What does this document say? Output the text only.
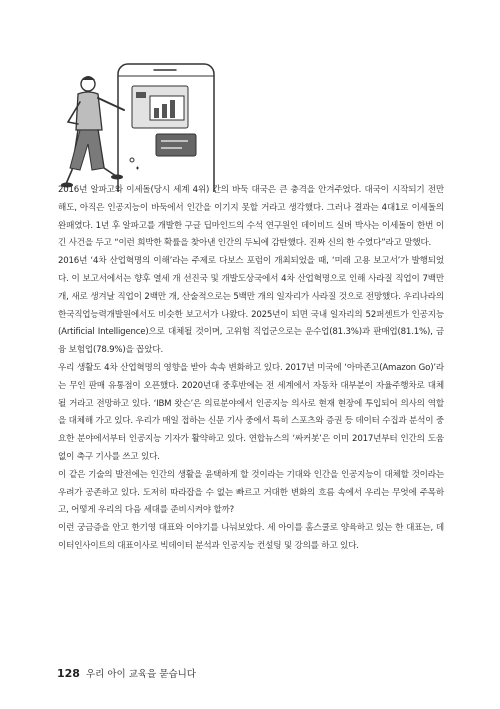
2016년 알파고와 이세돌(당시 세계 4위) 간의 바둑 대국은 큰 충격을 안겨주었다. 대국이 시작되기 전만 해도, 아직은 인공지능이 바둑에서 인간을 이기지 못할 거라고 생각했다. 그러나 결과는 4대1로 이세돌의 완패였다. 1년 후 알파고를 개발한 구글 딥마인드의 수석 연구원인 데이비드 실버 박사는 이세돌이 한번 이긴 사건을 두고 “이런 희박한 확률을 찾아낸 인간의 두뇌에 감탄했다. 진짜 신의 한 수였다”라고 말했다.

2016년 ‘4차 산업혁명의 이해’라는 주제로 다보스 포럼이 개최되었을 때, ‘미래 고용 보고서’가 발행되었다. 이 보고서에서는 향후 열세 개 선진국 및 개발도상국에서 4차 산업혁명으로 인해 사라질 직업이 7백만 개, 새로 생겨날 직업이 2백만 개, 산술적으로는 5백만 개의 일자리가 사라질 것으로 전망했다. 우리나라의 한국직업능력개발원에서도 비슷한 보고서가 나왔다. 2025년이 되면 국내 일자리의 52퍼센트가 인공지능(Artificial Intelligence)으로 대체될 것이며, 고위험 직업군으로는 운수업(81.3%)과 판매업(81.1%), 금융 보험업(78.9%)을 꼽았다.

우리 생활도 4차 산업혁명의 영향을 받아 속속 변화하고 있다. 2017년 미국에 ‘아마존고(Amazon Go)’라는 무인 판매 유통점이 오픈했다. 2020년대 중후반에는 전 세계에서 자동차 대부분이 자율주행차로 대체될 거라고 전망하고 있다. ‘IBM 왓슨’은 의료분야에서 인공지능 의사로 현재 현장에 투입되어 의사의 역할을 대체해 가고 있다. 우리가 매일 접하는 신문 기사 중에서 특히 스포츠와 증권 등 데이터 수집과 분석이 중요한 분야에서부터 인공지능 기자가 활약하고 있다. 연합뉴스의 ‘싸커봇’은 이미 2017년부터 인간의 도움 없이 축구 기사를 쓰고 있다.

이 같은 기술의 발전에는 인간의 생활을 윤택하게 할 것이라는 기대와 인간을 인공지능이 대체할 것이라는 우려가 공존하고 있다. 도저히 따라잡을 수 없는 빠르고 거대한 변화의 흐름 속에서 우리는 무엇에 주목하고, 어떻게 우리의 다음 세대를 준비시켜야 할까?

이런 궁금증을 안고 한기영 대표와 이야기를 나눠보았다. 세 아이를 홈스쿨로 양육하고 있는 한 대표는, 데이터인사이트의 대표이사로 빅데이터 분석과 인공지능 컨설팅 및 강의를 하고 있다.

128 우리 아이 교육을 묻습니다
